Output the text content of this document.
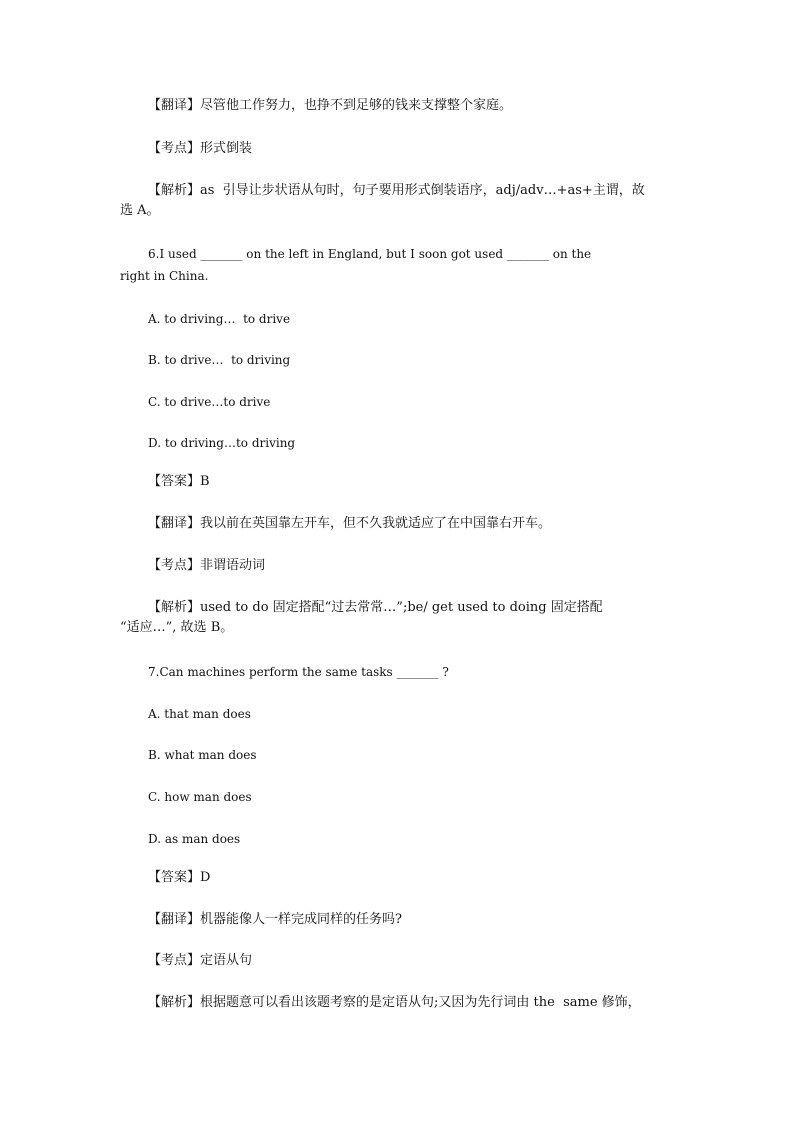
【翻译】尽管他工作努力，也挣不到足够的钱来支撑整个家庭。
【考点】形式倒装
【解析】as  引导让步状语从句时，句子要用形式倒装语序，adj/adv…+as+主谓，故
选 A。
6.I used _______ on the left in England, but I soon got used _______ on the
right in China.
A. to driving…  to drive
B. to drive…  to driving
C. to drive…to drive
D. to driving…to driving
【答案】B
【翻译】我以前在英国靠左开车，但不久我就适应了在中国靠右开车。
【考点】非谓语动词
【解析】used to do 固定搭配“过去常常…”;be/ get used to doing 固定搭配
“适应…”, 故选 B。
7.Can machines perform the same tasks _______ ?
A. that man does
B. what man does
C. how man does
D. as man does
【答案】D
【翻译】机器能像人一样完成同样的任务吗?
【考点】定语从句
【解析】根据题意可以看出该题考察的是定语从句;又因为先行词由 the  same 修饰，
